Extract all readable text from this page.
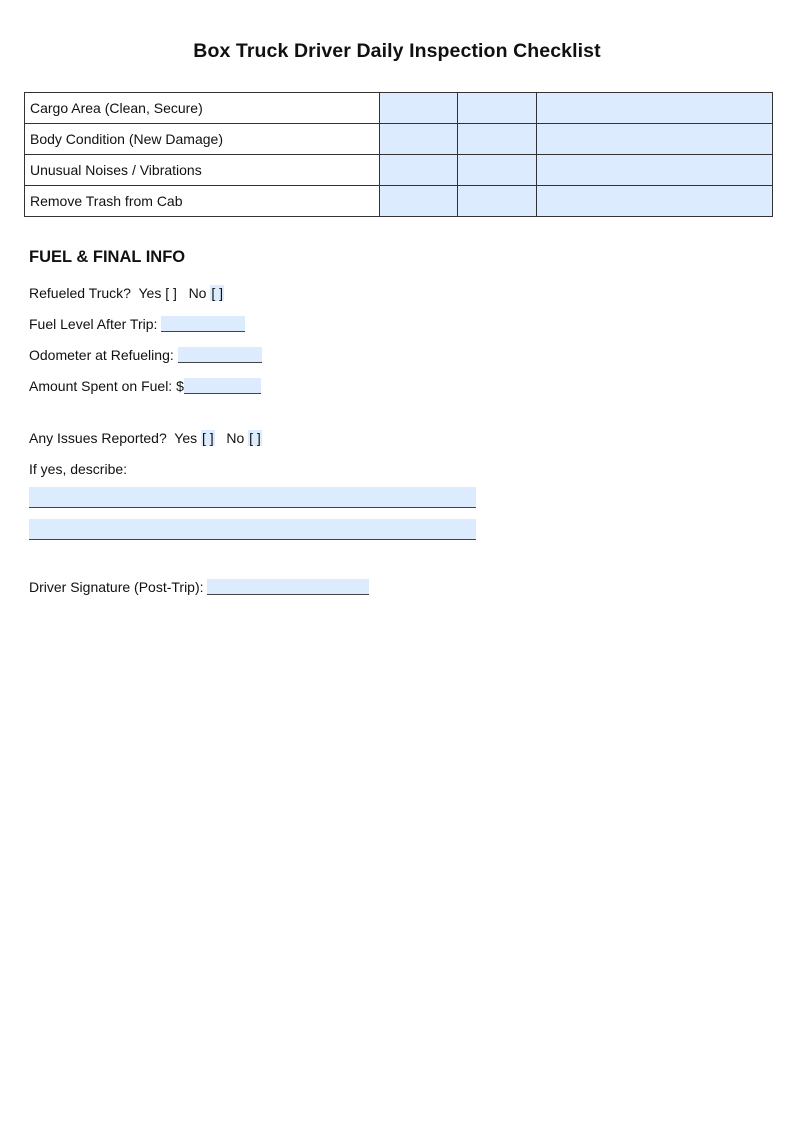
Box Truck Driver Daily Inspection Checklist
Cargo Area (Clean, Secure)			
Body Condition (New Damage)			
Unusual Noises / Vibrations			
Remove Trash from Cab			
FUEL & FINAL INFO
Refueled Truck? Yes [ ] No [ ]
Fuel Level After Trip:
Odometer at Refueling:
Amount Spent on Fuel: $
Any Issues Reported? Yes [ ] No [ ]
If yes, describe:
Driver Signature (Post-Trip):
